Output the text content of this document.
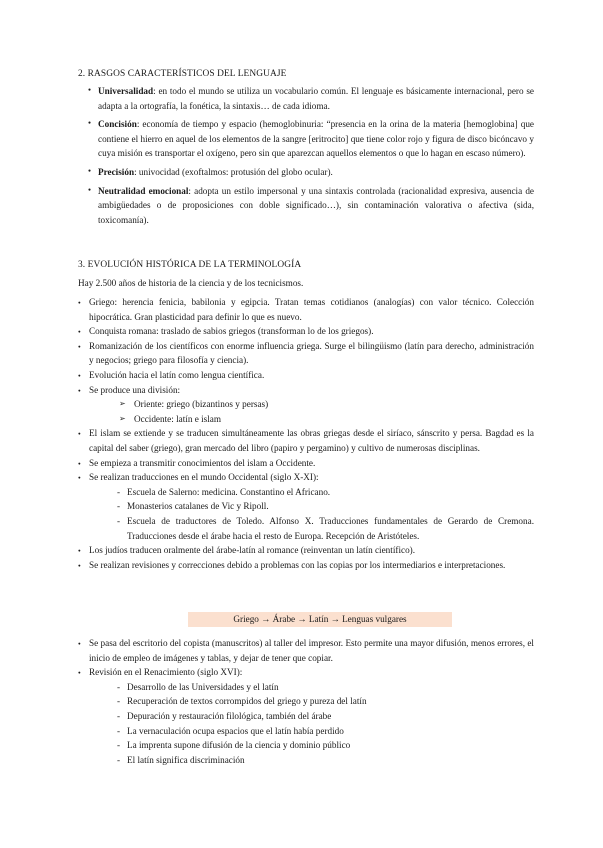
2. RASGOS CARACTERÍSTICOS DEL LENGUAJE
● Universalidad: en todo el mundo se utiliza un vocabulario común. El lenguaje es básicamente internacional, pero se adapta a la ortografía, la fonética, la sintaxis… de cada idioma.
● Concisión: economía de tiempo y espacio (hemoglobinuria: “presencia en la orina de la materia [hemoglobina] que contiene el hierro en aquel de los elementos de la sangre [eritrocito] que tiene color rojo y figura de disco bicóncavo y cuya misión es transportar el oxígeno, pero sin que aparezcan aquellos elementos o que lo hagan en escaso número).
● Precisión: univocidad (exoftalmos: protusión del globo ocular).
● Neutralidad emocional: adopta un estilo impersonal y una sintaxis controlada (racionalidad expresiva, ausencia de ambigüedades o de proposiciones con doble significado…), sin contaminación valorativa o afectiva (sida, toxicomanía).
3. EVOLUCIÓN HISTÓRICA DE LA TERMINOLOGÍA
Hay 2.500 años de historia de la ciencia y de los tecnicismos.
● Griego: herencia fenicia, babilonia y egipcia. Tratan temas cotidianos (analogías) con valor técnico. Colección hipocrática. Gran plasticidad para definir lo que es nuevo.
● Conquista romana: traslado de sabios griegos (transforman lo de los griegos).
● Romanización de los científicos con enorme influencia griega. Surge el bilingüismo (latín para derecho, administración y negocios; griego para filosofía y ciencia).
● Evolución hacia el latín como lengua científica.
● Se produce una división:
➢ Oriente: griego (bizantinos y persas)
➢ Occidente: latín e islam
● El islam se extiende y se traducen simultáneamente las obras griegas desde el siríaco, sánscrito y persa. Bagdad es la capital del saber (griego), gran mercado del libro (papiro y pergamino) y cultivo de numerosas disciplinas.
● Se empieza a transmitir conocimientos del islam a Occidente.
● Se realizan traducciones en el mundo Occidental (siglo X-XI):
- Escuela de Salerno: medicina. Constantino el Africano.
- Monasterios catalanes de Vic y Ripoll.
- Escuela de traductores de Toledo. Alfonso X. Traducciones fundamentales de Gerardo de Cremona. Traducciones desde el árabe hacia el resto de Europa. Recepción de Aristóteles.
● Los judíos traducen oralmente del árabe-latín al romance (reinventan un latín científico).
● Se realizan revisiones y correcciones debido a problemas con las copias por los intermediarios e interpretaciones.
Griego → Árabe → Latín → Lenguas vulgares
● Se pasa del escritorio del copista (manuscritos) al taller del impresor. Esto permite una mayor difusión, menos errores, el inicio de empleo de imágenes y tablas, y dejar de tener que copiar.
● Revisión en el Renacimiento (siglo XVI):
- Desarrollo de las Universidades y el latín
- Recuperación de textos corrompidos del griego y pureza del latín
- Depuración y restauración filológica, también del árabe
- La vernaculación ocupa espacios que el latín había perdido
- La imprenta supone difusión de la ciencia y dominio público
- El latín significa discriminación
